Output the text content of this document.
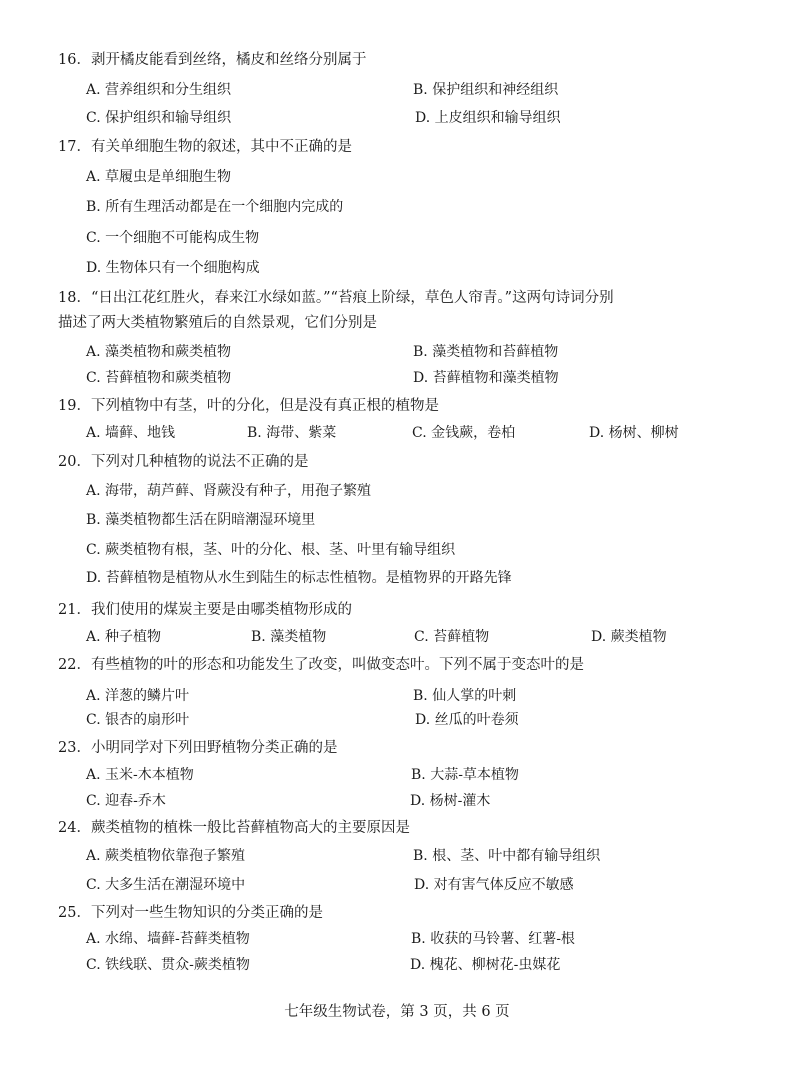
16．剥开橘皮能看到丝络，橘皮和丝络分别属于
A. 营养组织和分生组织	B. 保护组织和神经组织
C. 保护组织和输导组织	D. 上皮组织和输导组织
17．有关单细胞生物的叙述，其中不正确的是
A. 草履虫是单细胞生物
B. 所有生理活动都是在一个细胞内完成的
C. 一个细胞不可能构成生物
D. 生物体只有一个细胞构成
18．“日出江花红胜火，春来江水绿如蓝。”“苔痕上阶绿，草色人帘青。”这两句诗词分别
描述了两大类植物繁殖后的自然景观，它们分别是
A. 藻类植物和蕨类植物	B. 藻类植物和苔藓植物
C. 苔藓植物和蕨类植物	D. 苔藓植物和藻类植物
19．下列植物中有茎，叶的分化，但是没有真正根的植物是
A. 墙藓、地钱	B. 海带、紫菜	C. 金钱蕨，卷柏	D. 杨树、柳树
20．下列对几种植物的说法不正确的是
A. 海带，葫芦藓、肾蕨没有种子，用孢子繁殖
B. 藻类植物都生活在阴暗潮湿环境里
C. 蕨类植物有根，茎、叶的分化、根、茎、叶里有输导组织
D. 苔藓植物是植物从水生到陆生的标志性植物。是植物界的开路先锋
21．我们使用的煤炭主要是由哪类植物形成的
A. 种子植物	B. 藻类植物	C. 苔藓植物	D. 蕨类植物
22．有些植物的叶的形态和功能发生了改变，叫做变态叶。下列不属于变态叶的是
A. 洋葱的鳞片叶	B. 仙人掌的叶刺
C. 银杏的扇形叶	D. 丝瓜的叶卷须
23．小明同学对下列田野植物分类正确的是
A. 玉米-木本植物	B. 大蒜-草本植物
C. 迎春-乔木	D. 杨树-灌木
24．蕨类植物的植株一般比苔藓植物高大的主要原因是
A. 蕨类植物依靠孢子繁殖	B. 根、茎、叶中都有输导组织
C. 大多生活在潮湿环境中	D. 对有害气体反应不敏感
25．下列对一些生物知识的分类正确的是
A. 水绵、墙藓-苔藓类植物	B. 收获的马铃薯、红薯-根
C. 铁线联、贯众-蕨类植物	D. 槐花、柳树花-虫媒花
七年级生物试卷，第 3 页，共 6 页
